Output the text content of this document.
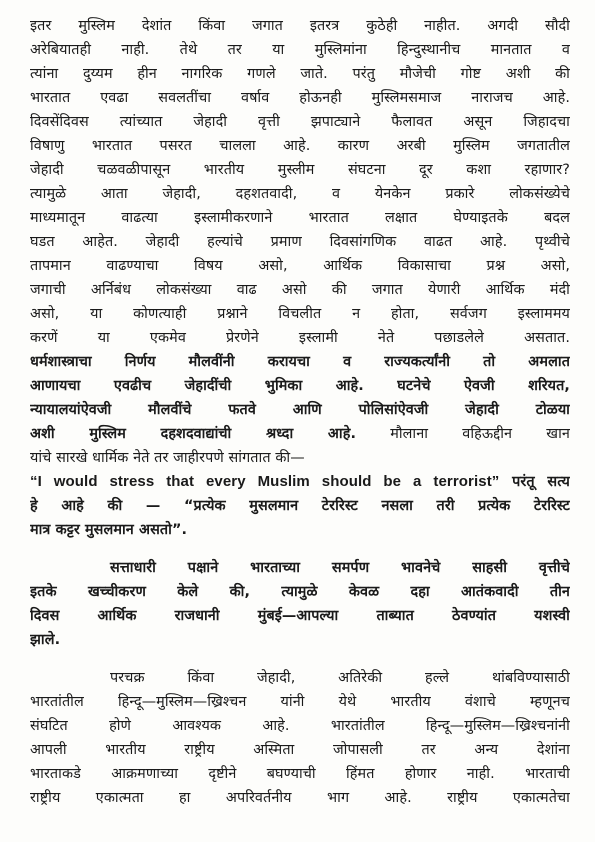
इतर मुस्लिम देशांत किंवा जगात इतरत्र कुठेही नाहीत. अगदी सौदी
अरेबियातही नाही. तेथे तर या मुस्लिमांना हिन्दुस्थानीच मानतात व
त्यांना दुय्यम हीन नागरिक गणले जाते. परंतु मौजेची गोष्ट अशी की
भारतात एवढा सवलतींचा वर्षाव होऊनही मुस्लिमसमाज नाराजच आहे.
दिवसेंदिवस त्यांच्यात जेहादी वृत्ती झपाट्याने फैलावत असून जिहादचा
विषाणु भारतात पसरत चालला आहे. कारण अरबी मुस्लिम जगतातील
जेहादी चळवळीपासून भारतीय मुस्लीम संघटना दूर कशा रहाणार?
त्यामुळे आता जेहादी, दहशतवादी, व येनकेन प्रकारे लोकसंख्येचे
माध्यमातून वाढत्या इस्लामीकरणाने भारतात लक्षात घेण्याइतके बदल
घडत आहेत. जेहादी हल्यांचे प्रमाण दिवसांगणिक वाढत आहे. पृथ्वीचे
तापमान वाढण्याचा विषय असो, आर्थिक विकासाचा प्रश्न असो,
जगाची अर्निबंध लोकसंख्या वाढ असो की जगात येणारी आर्थिक मंदी
असो, या कोणत्याही प्रश्नाने विचलीत न होता, सर्वजग इस्लाममय
करणें या एकमेव प्रेरणेने इस्लामी नेते पछाडलेले असतात.
धर्मशास्त्राचा निर्णय मौलवींनी करायचा व राज्यकर्त्यांनी तो अमलात
आणायचा एवढीच जेहादींची भुमिका आहे. घटनेचे ऐवजी शरियत,
न्यायालयांऐवजी मौलवींचे फतवे आणि पोलिसांऐवजी जेहादी टोळया
अशी मुस्लिम दहशदवाद्यांची श्रध्दा आहे. मौलाना वहिऊद्दीन खान
यांचे सारखे धार्मिक नेते तर जाहीरपणे सांगतात की—
“I would stress that every Muslim should be a terrorist” परंतू सत्य
हे आहे की — “प्रत्येक मुसलमान टेररिस्ट नसला तरी प्रत्येक टेररिस्ट
मात्र कट्टर मुसलमान असतो”.
सत्ताधारी पक्षाने भारताच्या समर्पण भावनेचे साहसी वृत्तीचे
इतके खच्चीकरण केले की, त्यामुळे केवळ दहा आतंकवादी तीन
दिवस आर्थिक राजधानी मुंबई—आपल्या ताब्यात ठेवण्यांत यशस्वी
झाले.
परचक्र किंवा जेहादी, अतिरेकी हल्ले थांबविण्यासाठी
भारतांतील हिन्दू—मुस्लिम—ख्रिश्चन यांनी येथे भारतीय वंशाचे म्हणूनच
संघटित होणे आवश्यक आहे. भारतांतील हिन्दू—मुस्लिम—ख्रिश्चनांनी
आपली भारतीय राष्ट्रीय अस्मिता जोपासली तर अन्य देशांना
भारताकडे आक्रमणाच्या दृष्टीने बघण्याची हिंमत होणार नाही. भारताची
राष्ट्रीय एकात्मता हा अपरिवर्तनीय भाग आहे. राष्ट्रीय एकात्मतेचा
